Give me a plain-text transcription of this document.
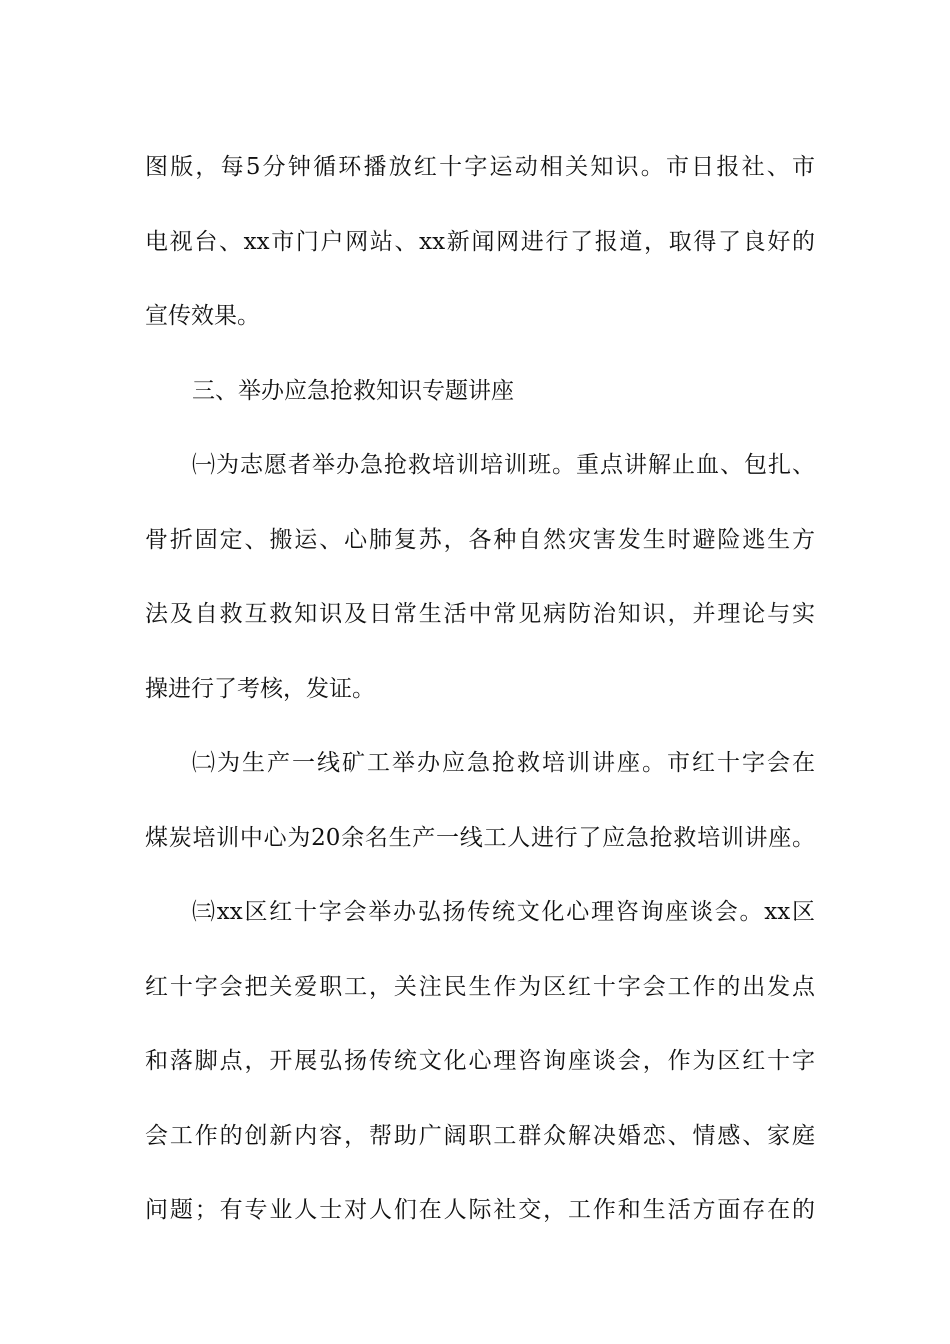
图版，每5分钟循环播放红十字运动相关知识。市日报社、市
电视台、xx市门户网站、xx新闻网进行了报道，取得了良好的
宣传效果。
三、举办应急抢救知识专题讲座
㈠为志愿者举办急抢救培训培训班。重点讲解止血、包扎、
骨折固定、搬运、心肺复苏，各种自然灾害发生时避险逃生方
法及自救互救知识及日常生活中常见病防治知识，并理论与实
操进行了考核，发证。
㈡为生产一线矿工举办应急抢救培训讲座。市红十字会在
煤炭培训中心为20余名生产一线工人进行了应急抢救培训讲座。
㈢xx区红十字会举办弘扬传统文化心理咨询座谈会。xx区
红十字会把关爱职工，关注民生作为区红十字会工作的出发点
和落脚点，开展弘扬传统文化心理咨询座谈会，作为区红十字
会工作的创新内容，帮助广阔职工群众解决婚恋、情感、家庭
问题；有专业人士对人们在人际社交，工作和生活方面存在的
